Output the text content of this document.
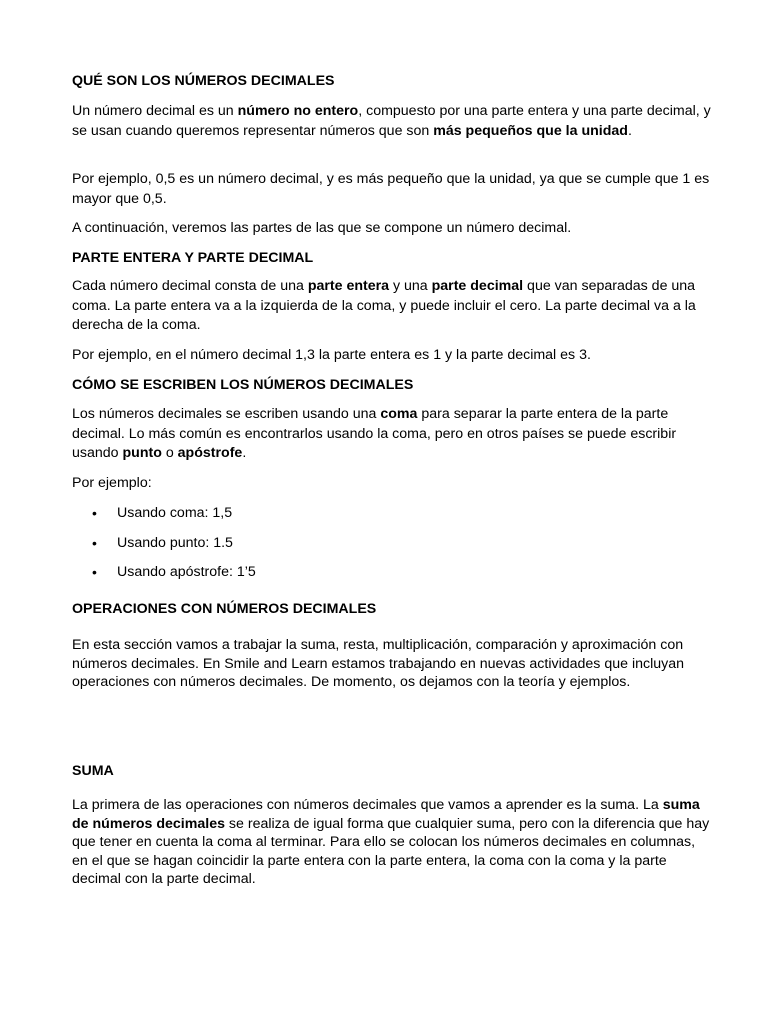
QUÉ SON LOS NÚMEROS DECIMALES

Un número decimal es un número no entero, compuesto por una parte entera y una parte decimal, y se usan cuando queremos representar números que son más pequeños que la unidad.

Por ejemplo, 0,5 es un número decimal, y es más pequeño que la unidad, ya que se cumple que 1 es mayor que 0,5.

A continuación, veremos las partes de las que se compone un número decimal.

PARTE ENTERA Y PARTE DECIMAL

Cada número decimal consta de una parte entera y una parte decimal que van separadas de una coma. La parte entera va a la izquierda de la coma, y puede incluir el cero. La parte decimal va a la derecha de la coma.

Por ejemplo, en el número decimal 1,3 la parte entera es 1 y la parte decimal es 3.

CÓMO SE ESCRIBEN LOS NÚMEROS DECIMALES

Los números decimales se escriben usando una coma para separar la parte entera de la parte decimal. Lo más común es encontrarlos usando la coma, pero en otros países se puede escribir usando punto o apóstrofe.

Por ejemplo:

• Usando coma: 1,5
• Usando punto: 1.5
• Usando apóstrofe: 1’5
OPERACIONES CON NÚMEROS DECIMALES

En esta sección vamos a trabajar la suma, resta, multiplicación, comparación y aproximación con números decimales. En Smile and Learn estamos trabajando en nuevas actividades que incluyan operaciones con números decimales. De momento, os dejamos con la teoría y ejemplos.

SUMA

La primera de las operaciones con números decimales que vamos a aprender es la suma. La suma de números decimales se realiza de igual forma que cualquier suma, pero con la diferencia que hay que tener en cuenta la coma al terminar. Para ello se colocan los números decimales en columnas, en el que se hagan coincidir la parte entera con la parte entera, la coma con la coma y la parte decimal con la parte decimal.
